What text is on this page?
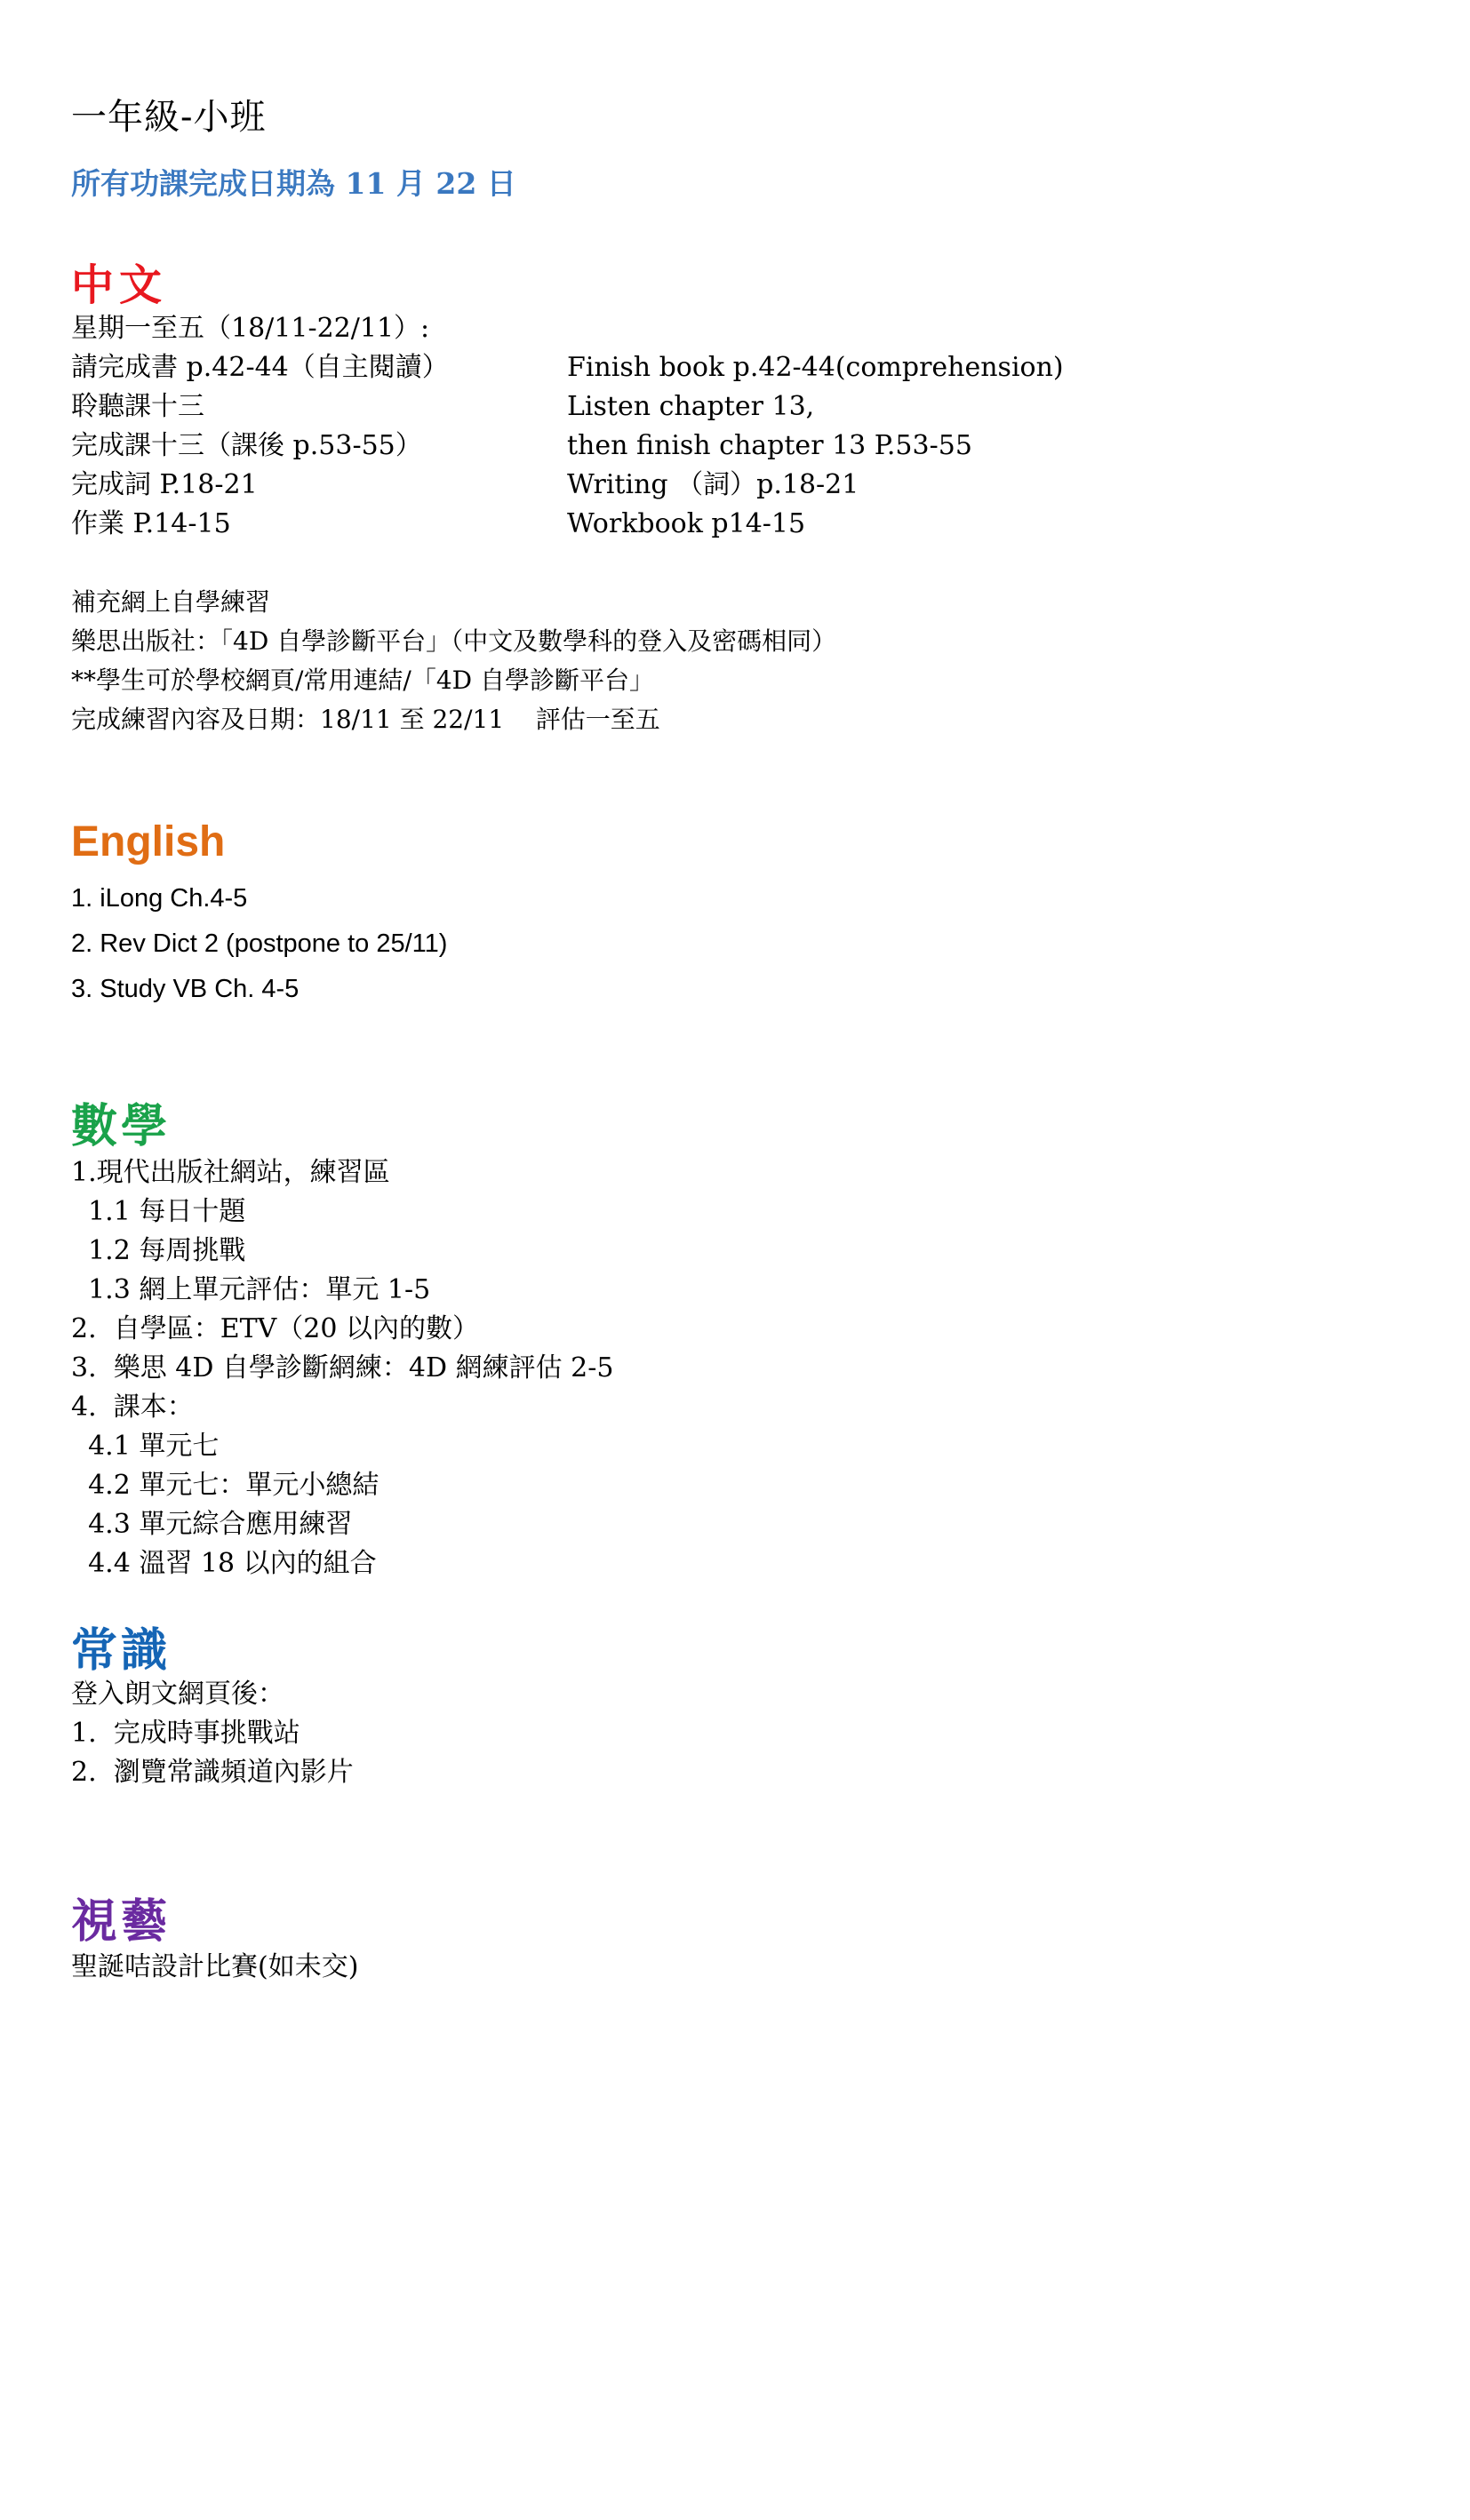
一年級-小班
所有功課完成日期為 11 月 22 日
中文
星期一至五（18/11-22/11）:
請完成書 p.42-44（自主閱讀）
聆聽課十三
完成課十三（課後 p.53-55）
完成詞 P.18-21
作業 P.14-15
Finish book p.42-44(comprehension)
Listen chapter 13,
then finish chapter 13 P.53-55
Writing （詞）p.18-21
Workbook p14-15
補充網上自學練習
樂思出版社：「4D 自學診斷平台」（中文及數學科的登入及密碼相同）
**學生可於學校網頁/常用連結/「4D 自學診斷平台」
完成練習內容及日期：18/11 至 22/11    評估一至五
English
1. iLong Ch.4-5
2. Rev Dict 2 (postpone to 25/11)
3. Study VB Ch. 4-5
數學
1.現代出版社網站，練習區
1.1 每日十題
1.2 每周挑戰
1.3 網上單元評估：單元 1-5
2.  自學區：ETV（20 以內的數）
3.  樂思 4D 自學診斷網練：4D 網練評估 2-5
4.  課本：
4.1 單元七
4.2 單元七：單元小總結
4.3 單元綜合應用練習
4.4 溫習 18 以內的組合
常識
登入朗文網頁後：
1.  完成時事挑戰站
2.  瀏覽常識頻道內影片
視藝
聖誕咭設計比賽(如未交)
